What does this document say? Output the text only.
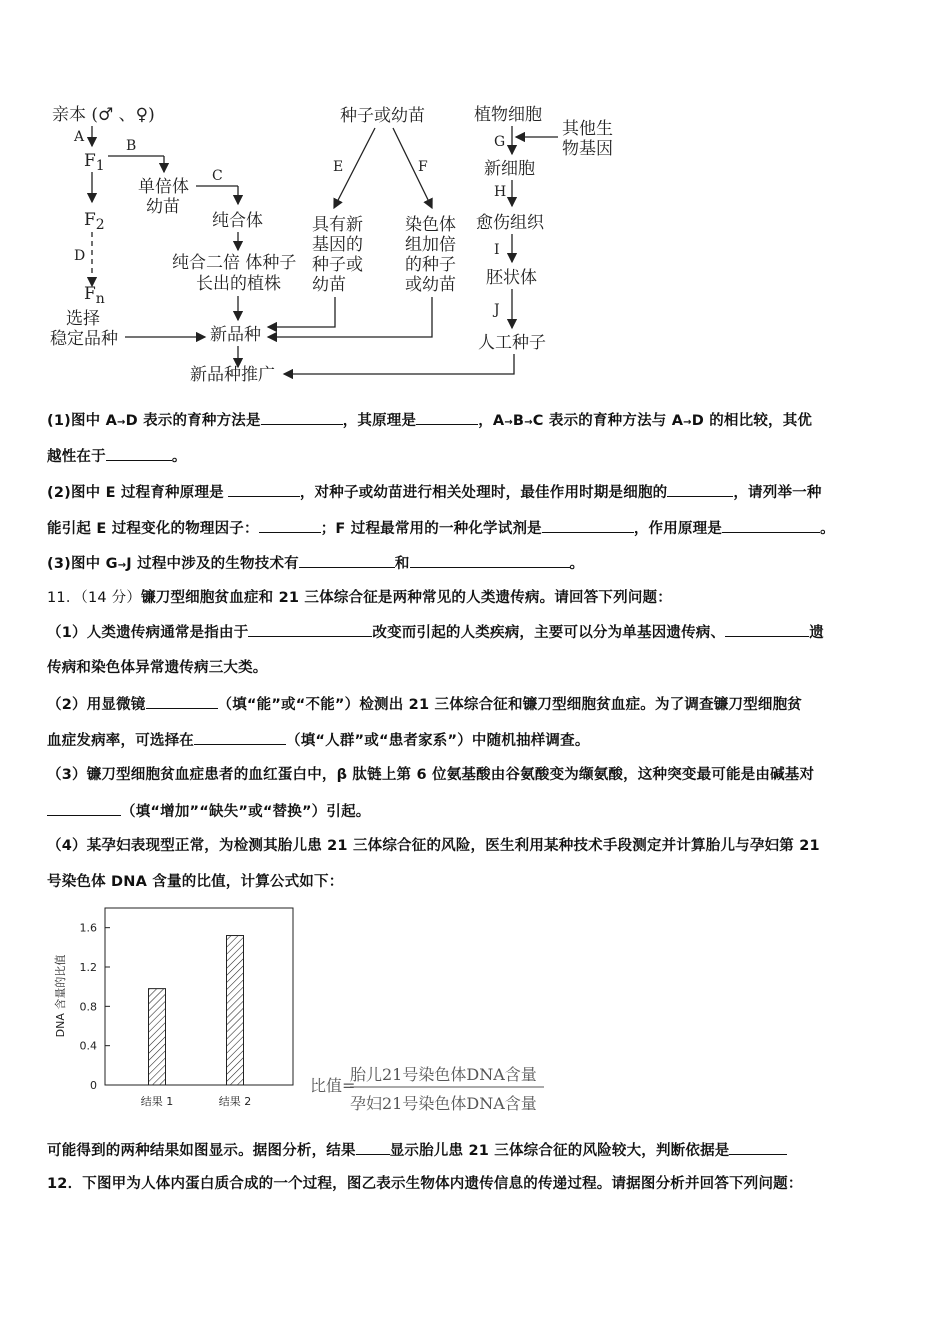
亲本 (♂ 、♀)
A
$F_1$
$F_2$
D
$F_n$
选择
稳定品种
B
单倍体
幼苗
C
纯合体
纯合二倍 体种子
长出的植株
新品种
新品种推广
种子或幼苗
E	F
具有新
基因的
种子或
幼苗
染色体
组加倍
的种子
或幼苗
植物细胞
G
其他生
物基因
新细胞
H
愈伤组织
I
胚状体
J
人工种子
(1)图中 A→D 表示的育种方法是	，其原理是	，A→B→C 表示的育种方法与 A→D 的相比较，其优
越性在于	。
(2)图中 E 过程育种原理是	，对种子或幼苗进行相关处理时，最佳作用时期是细胞的	，请列举一种
能引起 E 过程变化的物理因子：	；F 过程最常用的一种化学试剂是	，作用原理是	。
(3)图中 G→J 过程中涉及的生物技术有	和	。
11．（14 分）镰刀型细胞贫血症和 21 三体综合征是两种常见的人类遗传病。请回答下列问题：
（1）人类遗传病通常是指由于	改变而引起的人类疾病，主要可以分为单基因遗传病、	遗
传病和染色体异常遗传病三大类。
（2）用显微镜	（填“能”或“不能”）检测出 21 三体综合征和镰刀型细胞贫血症。为了调查镰刀型细胞贫
血症发病率，可选择在	（填“人群”或“患者家系”）中随机抽样调查。
（3）镰刀型细胞贫血症患者的血红蛋白中，β 肽链上第 6 位氨基酸由谷氨酸变为缬氨酸，这种突变最可能是由碱基对
（填“增加”“缺失”或“替换”）引起。
（4）某孕妇表现型正常，为检测其胎儿患 21 三体综合征的风险，医生利用某种技术手段测定并计算胎儿与孕妇第 21
号染色体 DNA 含量的比值，计算公式如下：
0
0.4
0.8
1.2
1.6
结果 1	结果 2
DNA 含量的比值
比值=
胎儿21号染色体DNA含量
孕妇21号染色体DNA含量
可能得到的两种结果如图显示。据图分析，结果 显示胎儿患 21 三体综合征的风险较大，判断依据是
12．下图甲为人体内蛋白质合成的一个过程，图乙表示生物体内遗传信息的传递过程。请据图分析并回答下列问题：
